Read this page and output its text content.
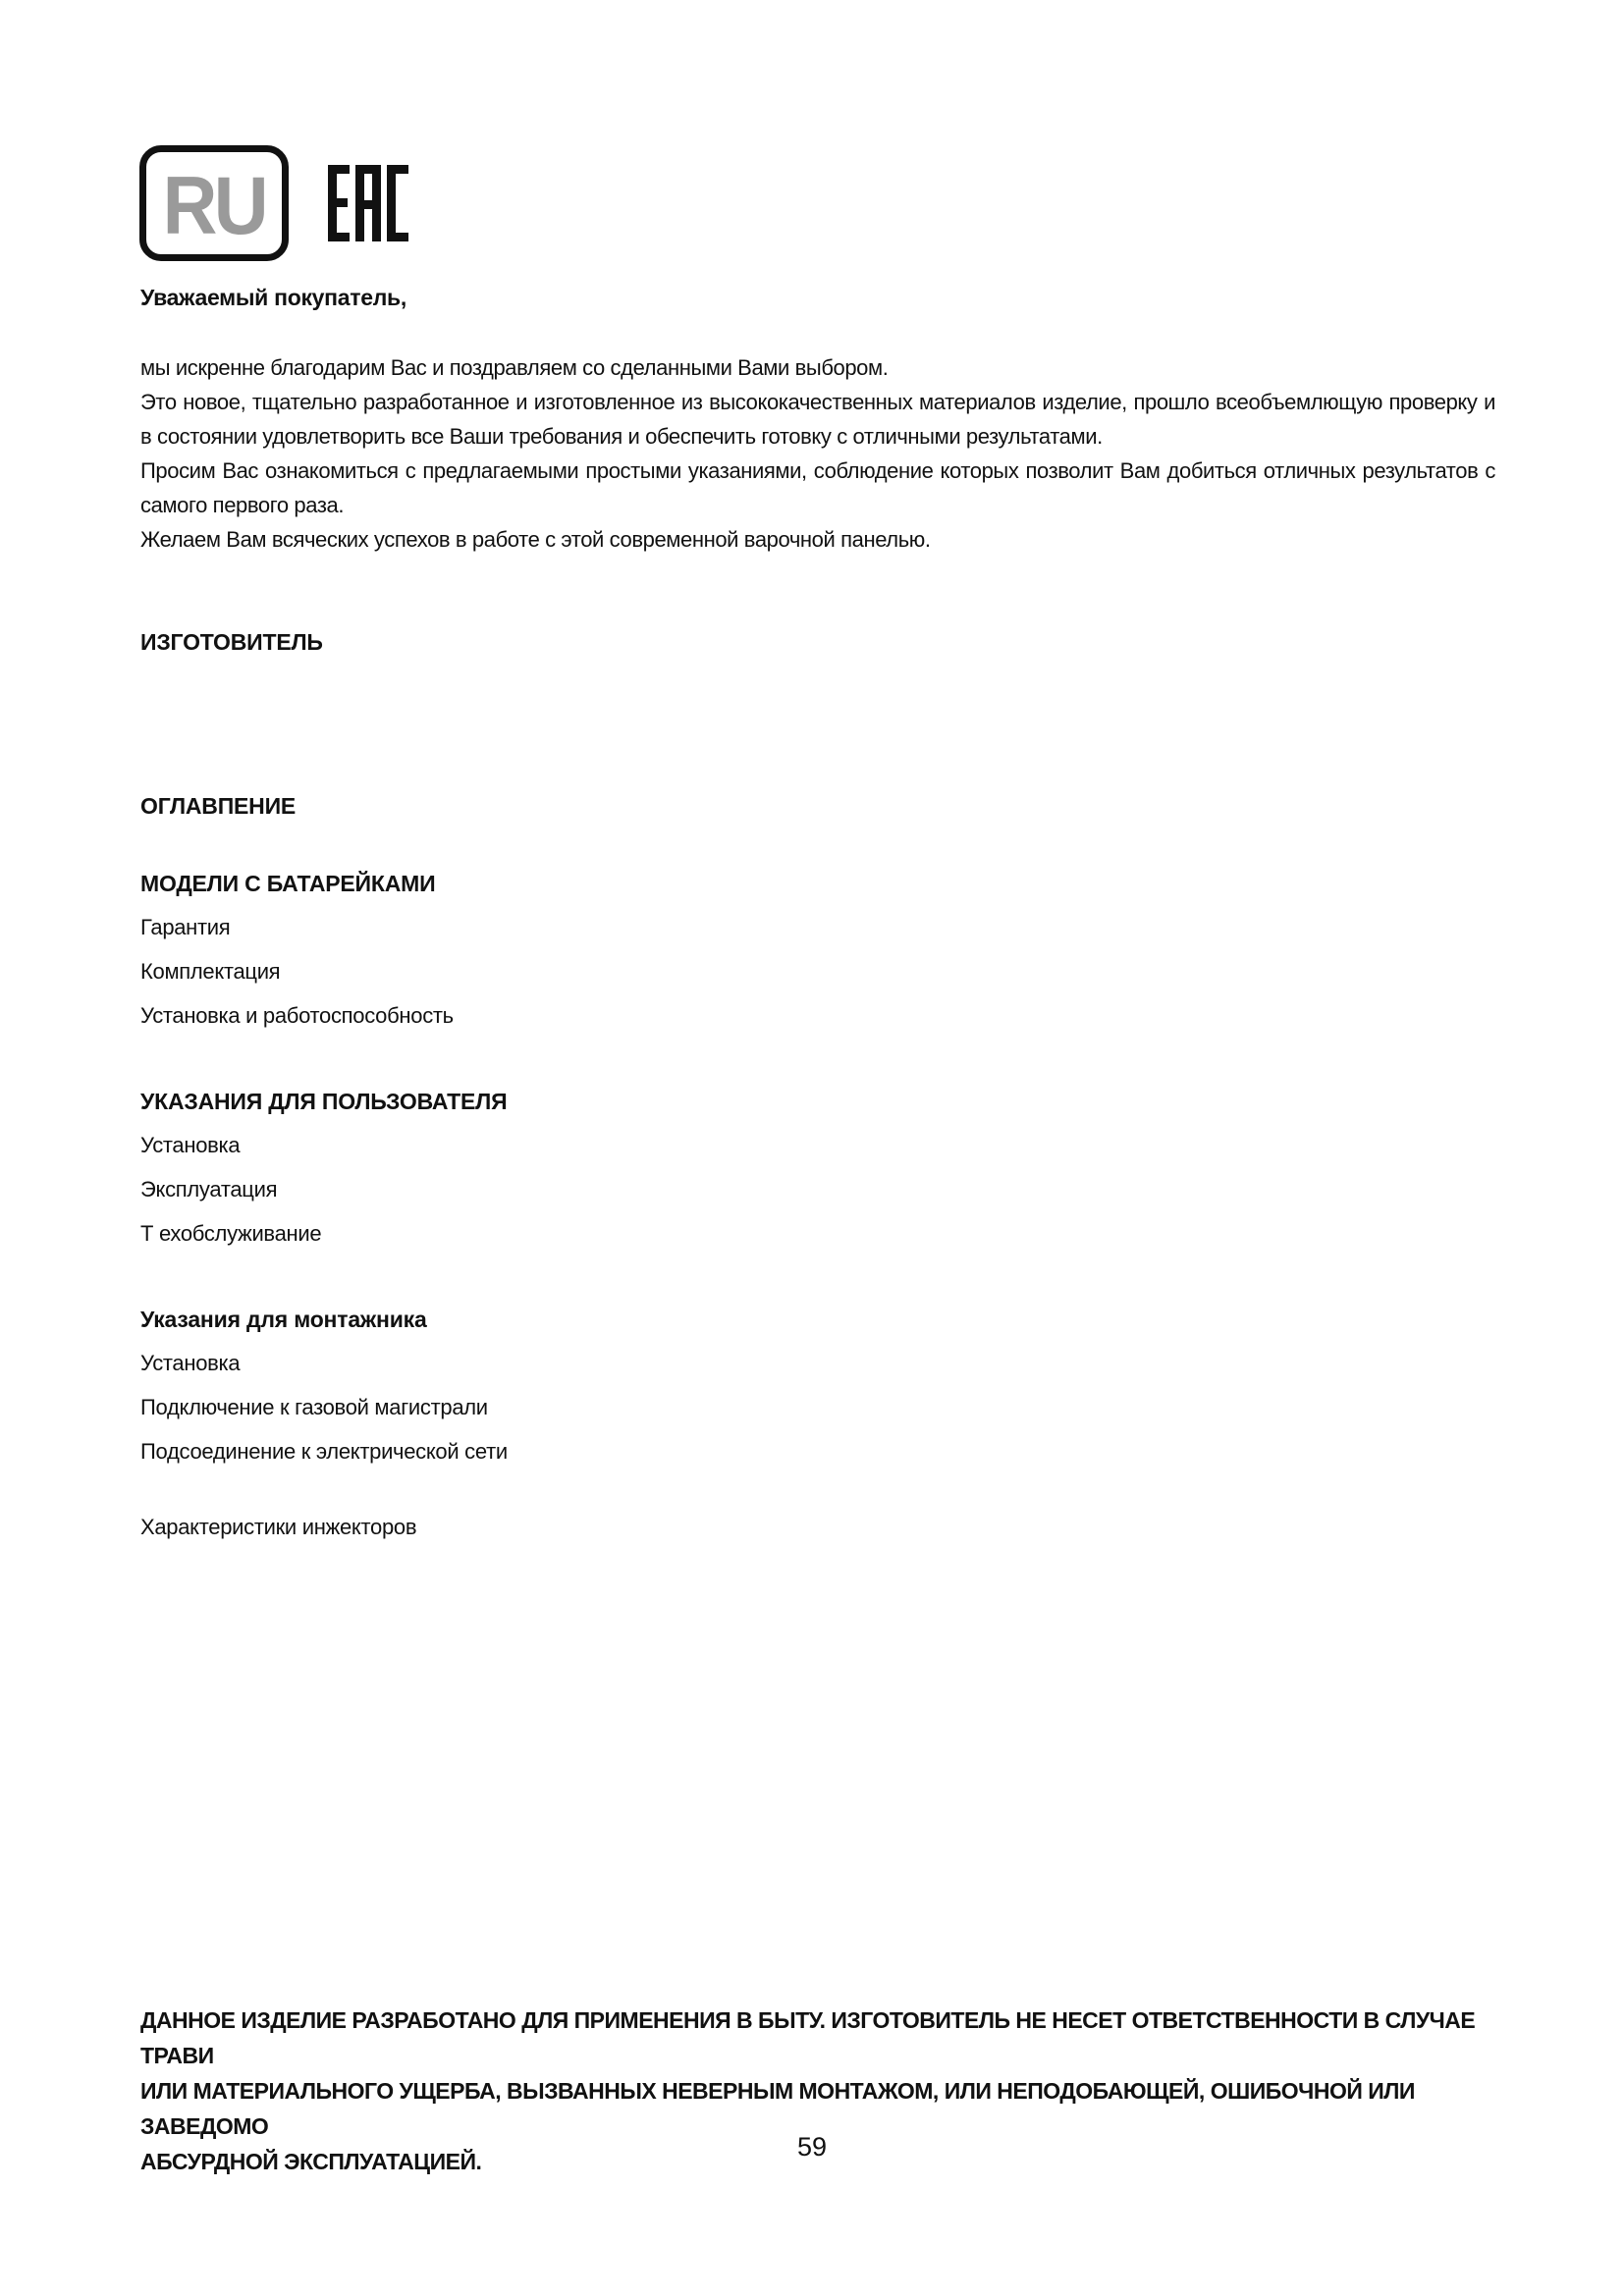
RU

Уважаемый покупатель,

мы искренне благодарим Вас и поздравляем со сделанными Вами выбором.

Это новое, тщательно разработанное и изготовленное из высококачественных материалов изделие, прошло всеобъемлющую проверку и в состоянии удовлетворить все Ваши требования и обеспечить готовку с отличными результатами.

Просим Вас ознакомиться с предлагаемыми простыми указаниями, соблюдение которых позволит Вам добиться отличных результатов с самого первого раза.

Желаем Вам всяческих успехов в работе с этой современной варочной панелью.

ИЗГОТОВИТЕЛЬ

ОГЛАВПЕНИЕ

МОДЕЛИ С БАТАРЕЙКАМИ

Гарантия
Комплектация
Установка и работоспособность

УКАЗАНИЯ ДЛЯ ПОЛЬЗОВАТЕЛЯ

Установка
Эксплуатация
Т ехобслуживание

Указания для монтажника

Установка
Подключение к газовой магистрали
Подсоединение к электрической сети
Характеристики инжекторов
ДАННОЕ ИЗДЕЛИЕ РАЗРАБОТАНО ДЛЯ ПРИМЕНЕНИЯ В БЫТУ. ИЗГОТОВИТЕЛЬ НЕ НЕСЕТ ОТВЕТСТВЕННОСТИ В СЛУЧАЕ ТРАВИ
ИЛИ МАТЕРИАЛЬНОГО УЩЕРБА, ВЫЗВАННЫХ НЕВЕРНЫМ МОНТАЖОМ, ИЛИ НЕПОДОБАЮЩЕЙ, ОШИБОЧНОЙ ИЛИ ЗАВЕДОМО
АБСУРДНОЙ ЭКСПЛУАТАЦИЕЙ.	59
